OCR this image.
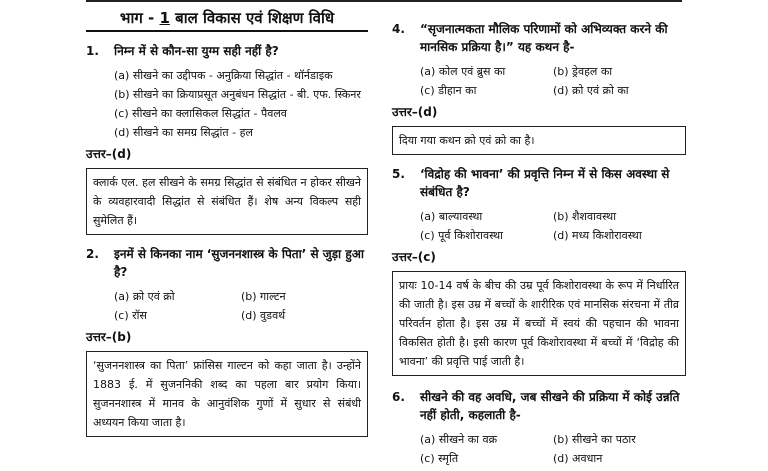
भाग - 1 बाल विकास एवं शिक्षण विधि
1.	निम्न में से कौन-सा युग्म सही नहीं है?
(a) सीखने का उद्दीपक - अनुक्रिया सिद्धांत - थॉर्नडाइक
(b) सीखने का क्रियाप्रसूत अनुबंधन सिद्धांत - बी. एफ. स्किनर
(c) सीखने का क्लासिकल सिद्धांत - पैवलव
(d) सीखने का समग्र सिद्धांत - हल
उत्तर–(d)
क्लार्क एल. हल सीखने के समग्र सिद्धांत से संबंधित न होकर सीखने के व्यवहारवादी सिद्धांत से संबंधित हैं। शेष अन्य विकल्प सही सुमेलित हैं।
2.	इनमें से किनका नाम ‘सुजननशास्त्र के पिता’ से जुड़ा हुआ है?
(a) क्रो एवं क्रो	(b) गाल्टन
(c) रॉस	(d) वुडवर्थ
उत्तर–(b)
‘सुजननशास्त्र का पिता’ फ्रांसिस गाल्टन को कहा जाता है। उन्होंने 1883 ई. में सुजननिकी शब्द का पहला बार प्रयोग किया। सुजननशास्त्र में मानव के आनुवंशिक गुणों में सुधार से संबंधी अध्ययन किया जाता है।
4.	“सृजनात्मकता मौलिक परिणामों को अभिव्यक्त करने की मानसिक प्रक्रिया है।” यह कथन है-
(a) कोल एवं ब्रुस का	(b) ड्रेवहल का
(c) डीहान का	(d) क्रो एवं क्रो का
उत्तर–(d)
दिया गया कथन क्रो एवं क्रो का है।
5.	‘विद्रोह की भावना’ की प्रवृत्ति निम्न में से किस अवस्था से संबंधित है?
(a) बाल्यावस्था	(b) शैशवावस्था
(c) पूर्व किशोरावस्था	(d) मध्य किशोरावस्था
उत्तर–(c)
प्रायः 10-14 वर्ष के बीच की उम्र पूर्व किशोरावस्था के रूप में निर्धारित की जाती है। इस उम्र में बच्चों के शारीरिक एवं मानसिक संरचना में तीव्र परिवर्तन होता है। इस उम्र में बच्चों में स्वयं की पहचान की भावना विकसित होती है। इसी कारण पूर्व किशोरावस्था में बच्चों में ‘विद्रोह की भावना’ की प्रवृत्ति पाई जाती है।
6.	सीखने की वह अवधि, जब सीखने की प्रक्रिया में कोई उन्नति नहीं होती, कहलाती है-
(a) सीखने का वक्र	(b) सीखने का पठार
(c) स्मृति	(d) अवधान
